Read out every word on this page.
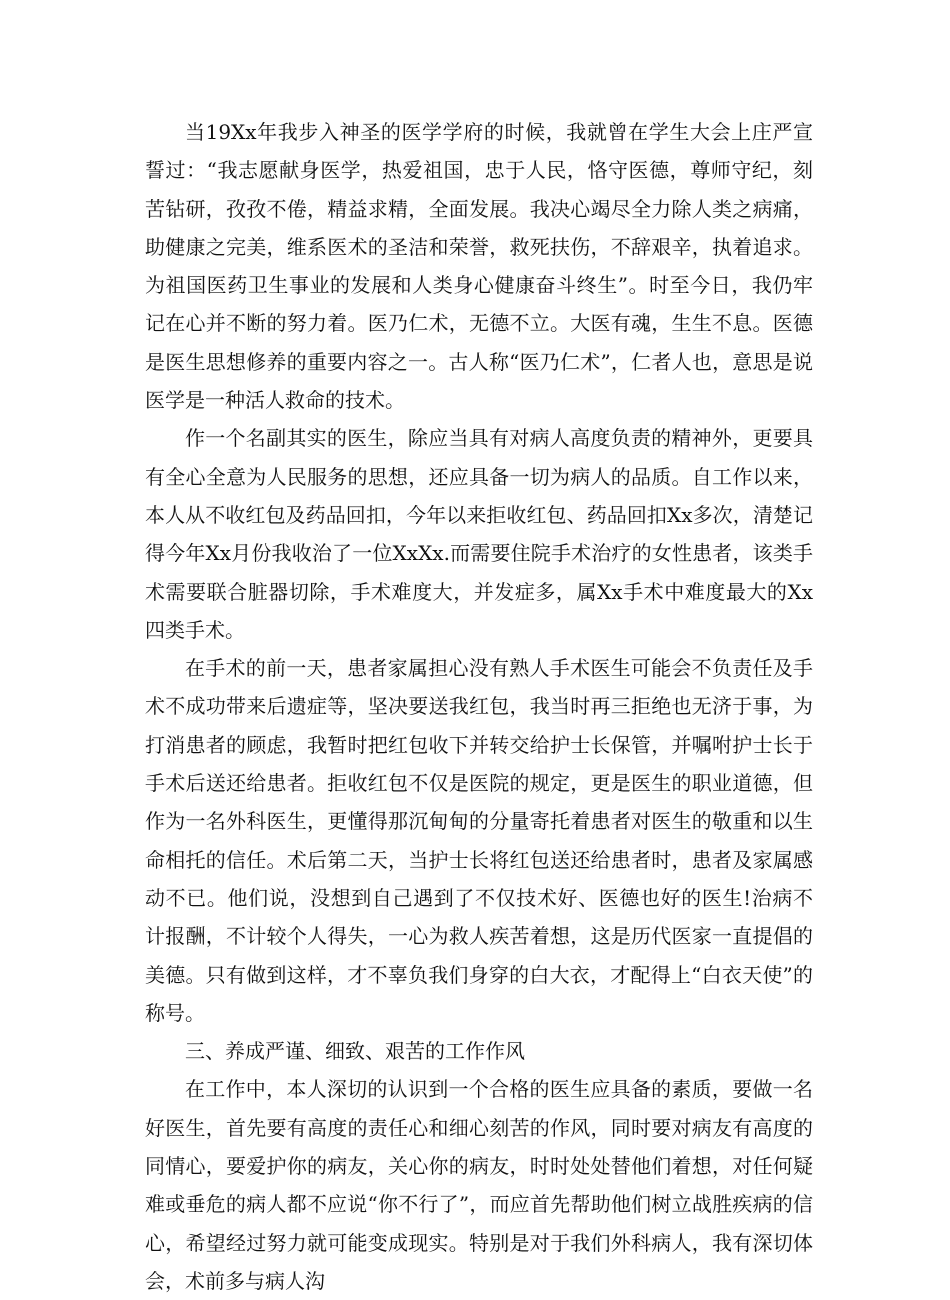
当19Xx年我步入神圣的医学学府的时候，我就曾在学生大会上庄严宣誓过：“我志愿献身医学，热爱祖国，忠于人民，恪守医德，尊师守纪，刻苦钻研，孜孜不倦，精益求精，全面发展。我决心竭尽全力除人类之病痛，助健康之完美，维系医术的圣洁和荣誉，救死扶伤，不辞艰辛，执着追求。为祖国医药卫生事业的发展和人类身心健康奋斗终生”。时至今日，我仍牢记在心并不断的努力着。医乃仁术，无德不立。大医有魂，生生不息。医德是医生思想修养的重要内容之一。古人称“医乃仁术”，仁者人也，意思是说医学是一种活人救命的技术。

作一个名副其实的医生，除应当具有对病人高度负责的精神外，更要具有全心全意为人民服务的思想，还应具备一切为病人的品质。自工作以来，本人从不收红包及药品回扣，今年以来拒收红包、药品回扣Xx多次，清楚记得今年Xx月份我收治了一位XxXx.而需要住院手术治疗的女性患者，该类手术需要联合脏器切除，手术难度大，并发症多，属Xx手术中难度最大的Xx四类手术。

在手术的前一天，患者家属担心没有熟人手术医生可能会不负责任及手术不成功带来后遗症等，坚决要送我红包，我当时再三拒绝也无济于事，为打消患者的顾虑，我暂时把红包收下并转交给护士长保管，并嘱咐护士长于手术后送还给患者。拒收红包不仅是医院的规定，更是医生的职业道德，但作为一名外科医生，更懂得那沉甸甸的分量寄托着患者对医生的敬重和以生命相托的信任。术后第二天，当护士长将红包送还给患者时，患者及家属感动不已。他们说，没想到自己遇到了不仅技术好、医德也好的医生!治病不计报酬，不计较个人得失，一心为救人疾苦着想，这是历代医家一直提倡的美德。只有做到这样，才不辜负我们身穿的白大衣，才配得上“白衣天使”的称号。

三、养成严谨、细致、艰苦的工作作风

在工作中，本人深切的认识到一个合格的医生应具备的素质，要做一名好医生，首先要有高度的责任心和细心刻苦的作风，同时要对病友有高度的同情心，要爱护你的病友，关心你的病友，时时处处替他们着想，对任何疑难或垂危的病人都不应说“你不行了”，而应首先帮助他们树立战胜疾病的信心，希望经过努力就可能变成现实。特别是对于我们外科病人，我有深切体会，术前多与病人沟
